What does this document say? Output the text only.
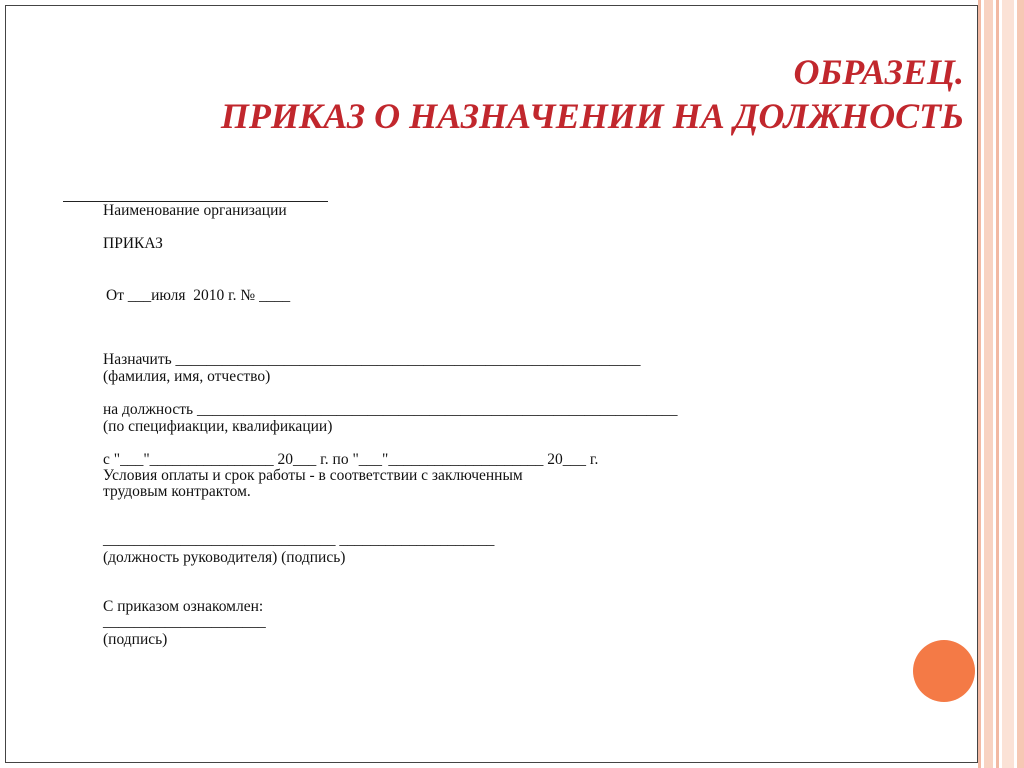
ОБРАЗЕЦ.
ПРИКАЗ О НАЗНАЧЕНИИ НА ДОЛЖНОСТЬ
Наименование организации
ПРИКАЗ
От ___июля  2010 г. № ____
Назначить ____________________________________________________________
(фамилия, имя, отчество)
на должность ______________________________________________________________
(по специфиакции, квалификации)
с "___"________________ 20___ г. по "___"____________________ 20___ г.
Условия оплаты и срок работы - в соответствии с заключенным
трудовым контрактом.
______________________________ ____________________
(должность руководителя) (подпись)
С приказом ознакомлен:
_____________________
(подпись)
